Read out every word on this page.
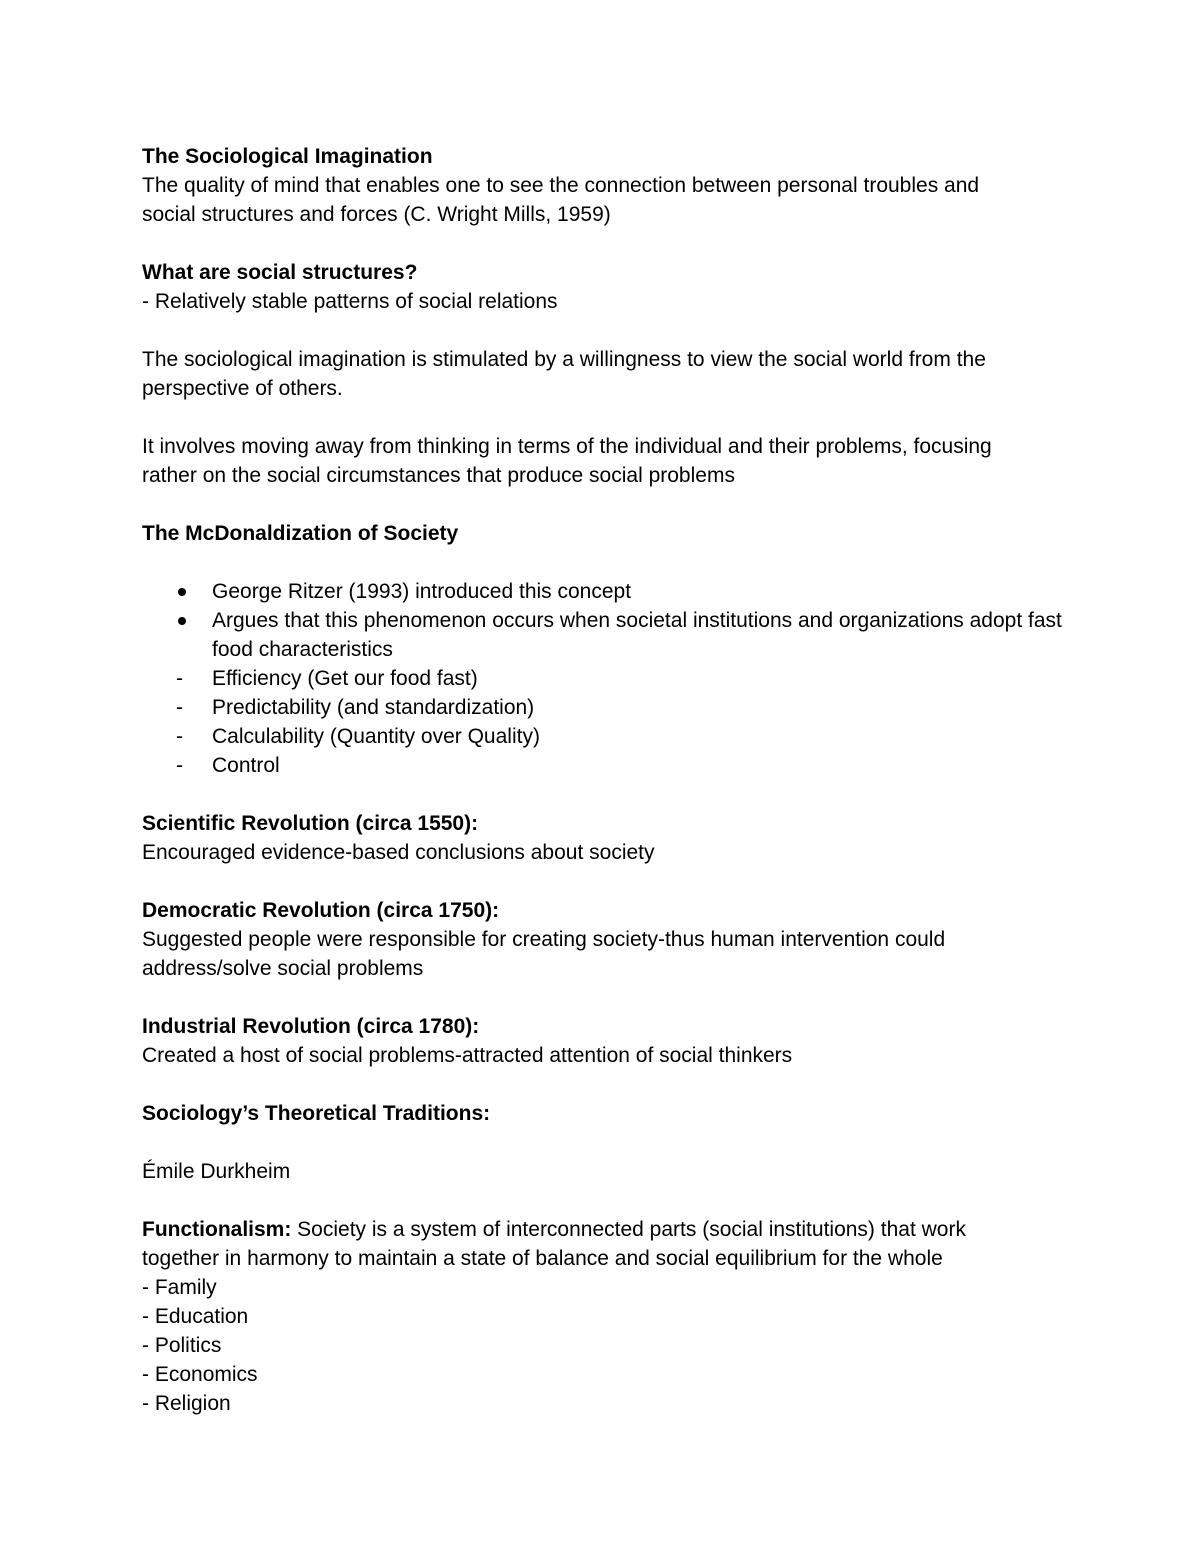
The Sociological Imagination
The quality of mind that enables one to see the connection between personal troubles and social structures and forces (C. Wright Mills, 1959)
What are social structures?
- Relatively stable patterns of social relations
The sociological imagination is stimulated by a willingness to view the social world from the perspective of others.
It involves moving away from thinking in terms of the individual and their problems, focusing rather on the social circumstances that produce social problems
The McDonaldization of Society
George Ritzer (1993) introduced this concept
Argues that this phenomenon occurs when societal institutions and organizations adopt fast food characteristics
-	Efficiency (Get our food fast)
-	Predictability (and standardization)
-	Calculability (Quantity over Quality)
-	Control
Scientific Revolution (circa 1550):
Encouraged evidence-based conclusions about society
Democratic Revolution (circa 1750):
Suggested people were responsible for creating society-thus human intervention could address/solve social problems
Industrial Revolution (circa 1780):
Created a host of social problems-attracted attention of social thinkers
Sociology’s Theoretical Traditions:
Émile Durkheim
Functionalism: Society is a system of interconnected parts (social institutions) that work together in harmony to maintain a state of balance and social equilibrium for the whole
- Family
- Education
- Politics
- Economics
- Religion
